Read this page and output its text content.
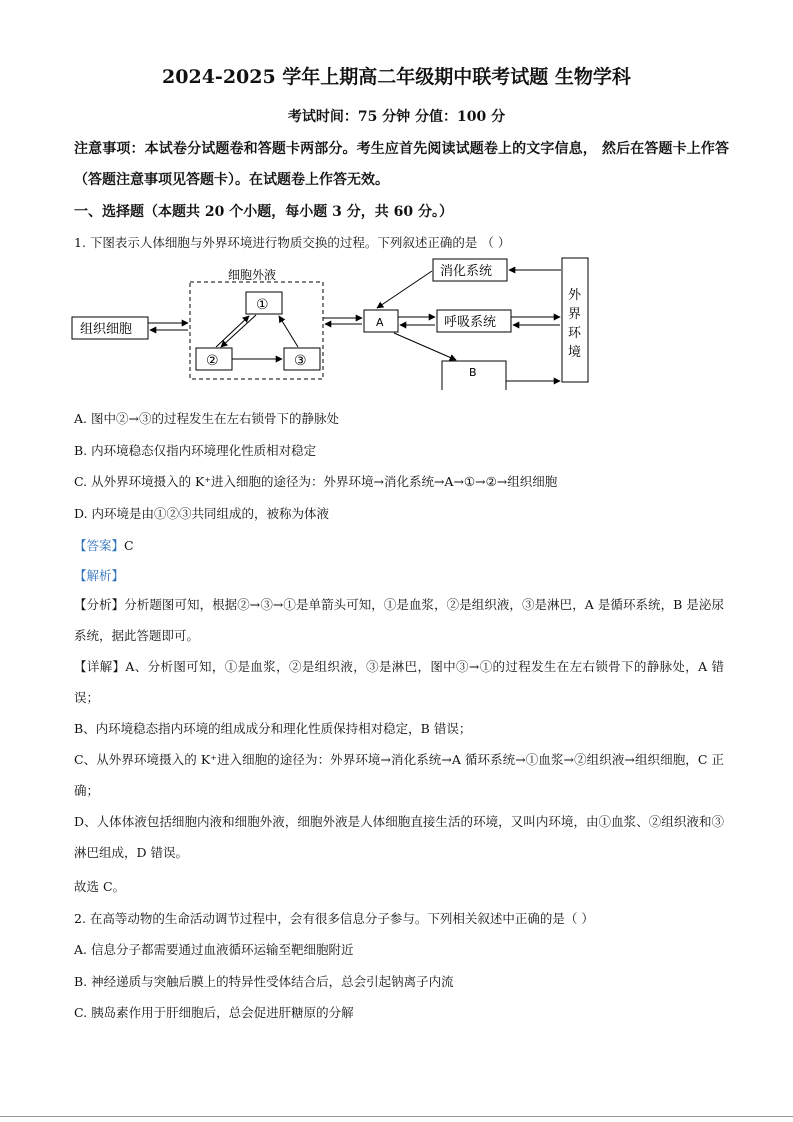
2024-2025 学年上期高二年级期中联考试题 生物学科
考试时间：75 分钟 分值：100 分
注意事项：本试卷分试题卷和答题卡两部分。考生应首先阅读试题卷上的文字信息， 然后在答题卡上作答（答题注意事项见答题卡）。在试题卷上作答无效。
一、选择题（本题共 20 个小题，每小题 3 分，共 60 分。）
1. 下图表示人体细胞与外界环境进行物质交换的过程。下列叙述正确的是 （ ）
细胞外液
组织细胞
①
②	③
A
B
消化系统
呼吸系统
外
界
环
境
A. 图中②→③的过程发生在左右锁骨下的静脉处
B. 内环境稳态仅指内环境理化性质相对稳定
C. 从外界环境摄入的 K⁺进入细胞的途径为：外界环境→消化系统→A→①→②→组织细胞
D. 内环境是由①②③共同组成的，被称为体液
【答案】C
【解析】
【分析】分析题图可知，根据②→③→①是单箭头可知，①是血浆，②是组织液，③是淋巴，A 是循环系统，B 是泌尿系统，据此答题即可。
【详解】A、分析图可知，①是血浆，②是组织液，③是淋巴，图中③→①的过程发生在左右锁骨下的静脉处，A 错误；
B、内环境稳态指内环境的组成成分和理化性质保持相对稳定，B 错误；
C、从外界环境摄入的 K⁺进入细胞的途径为：外界环境→消化系统→A 循环系统→①血浆→②组织液→组织细胞，C 正确；
D、人体体液包括细胞内液和细胞外液，细胞外液是人体细胞直接生活的环境，又叫内环境，由①血浆、②组织液和③淋巴组成，D 错误。
故选 C。
2. 在高等动物的生命活动调节过程中，会有很多信息分子参与。下列相关叙述中正确的是（ ）
A. 信息分子都需要通过血液循环运输至靶细胞附近
B. 神经递质与突触后膜上的特异性受体结合后，总会引起钠离子内流
C. 胰岛素作用于肝细胞后，总会促进肝糖原的分解
